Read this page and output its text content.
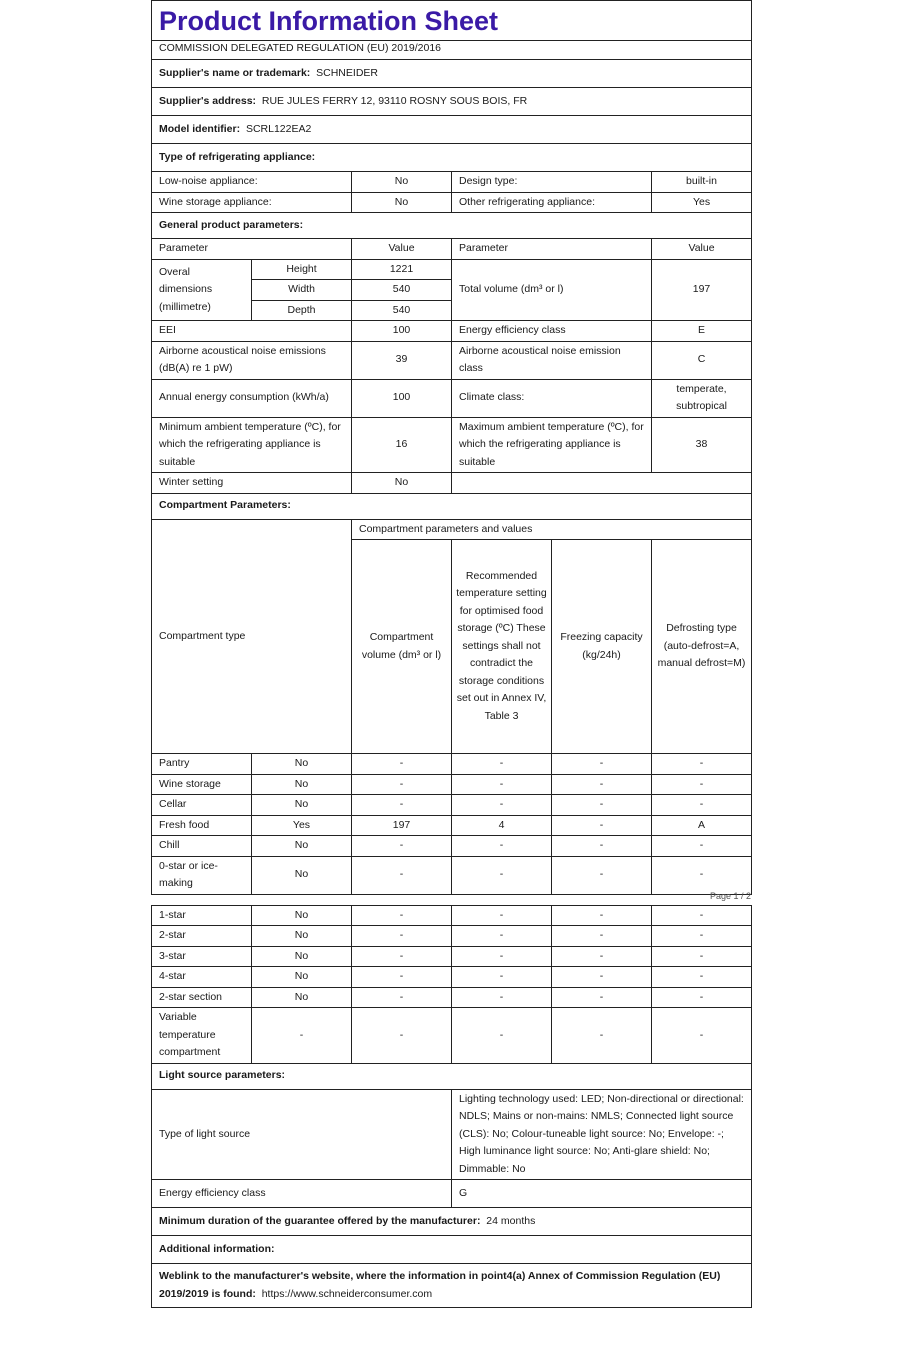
Product Information Sheet					
COMMISSION DELEGATED REGULATION (EU) 2019/2016					
Supplier's name or trademark: SCHNEIDER					
Supplier's address: RUE JULES FERRY 12, 93110 ROSNY SOUS BOIS, FR					
Model identifier: SCRL122EA2					
Type of refrigerating appliance:					
Low-noise appliance:		No	Design type:		built-in
Wine storage appliance:		No	Other refrigerating appliance:		Yes
General product parameters:					
Parameter		Value	Parameter		Value
Overal dimensions (millimetre)	Height	1221	Total volume (dm³ or l)		197
	Width	540			
	Depth	540			
EEI		100	Energy efficiency class		E
Airborne acoustical noise emissions (dB(A) re 1 pW)		39	Airborne acoustical noise emission class		C
Annual energy consumption (kWh/a)		100	Climate class:		temperate, subtropical
Minimum ambient temperature (ºC), for which the refrigerating appliance is suitable		16	Maximum ambient temperature (ºC), for which the refrigerating appliance is suitable		38
Winter setting		No			
Compartment Parameters:					
Compartment type		Compartment parameters and values			
		Compartment volume (dm³ or l)	Recommended temperature setting for optimised food storage (ºC) These settings shall not contradict the storage conditions set out in Annex IV, Table 3	Freezing capacity (kg/24h)	Defrosting type (auto-defrost=A, manual defrost=M)
Pantry	No	-	-	-	-
Wine storage	No	-	-	-	-
Cellar	No	-	-	-	-
Fresh food	Yes	197	4	-	A
Chill	No	-	-	-	-
0-star or ice-making	No	-	-	-	-
Page 1 / 2
1-star	No	-	-	-	-
2-star	No	-	-	-	-
3-star	No	-	-	-	-
4-star	No	-	-	-	-
2-star section	No	-	-	-	-
Variable temperature compartment	-	-	-	-	-
Light source parameters:					
Type of light source			Lighting technology used: LED; Non-directional or directional: NDLS; Mains or non-mains: NMLS; Connected light source (CLS): No; Colour-tuneable light source: No; Envelope: -; High luminance light source: No; Anti-glare shield: No; Dimmable: No		
Energy efficiency class			G		
Minimum duration of the guarantee offered by the manufacturer: 24 months					
Additional information:					
Weblink to the manufacturer's website, where the information in point4(a) Annex of Commission Regulation (EU) 2019/2019 is found: https://www.schneiderconsumer.com					
